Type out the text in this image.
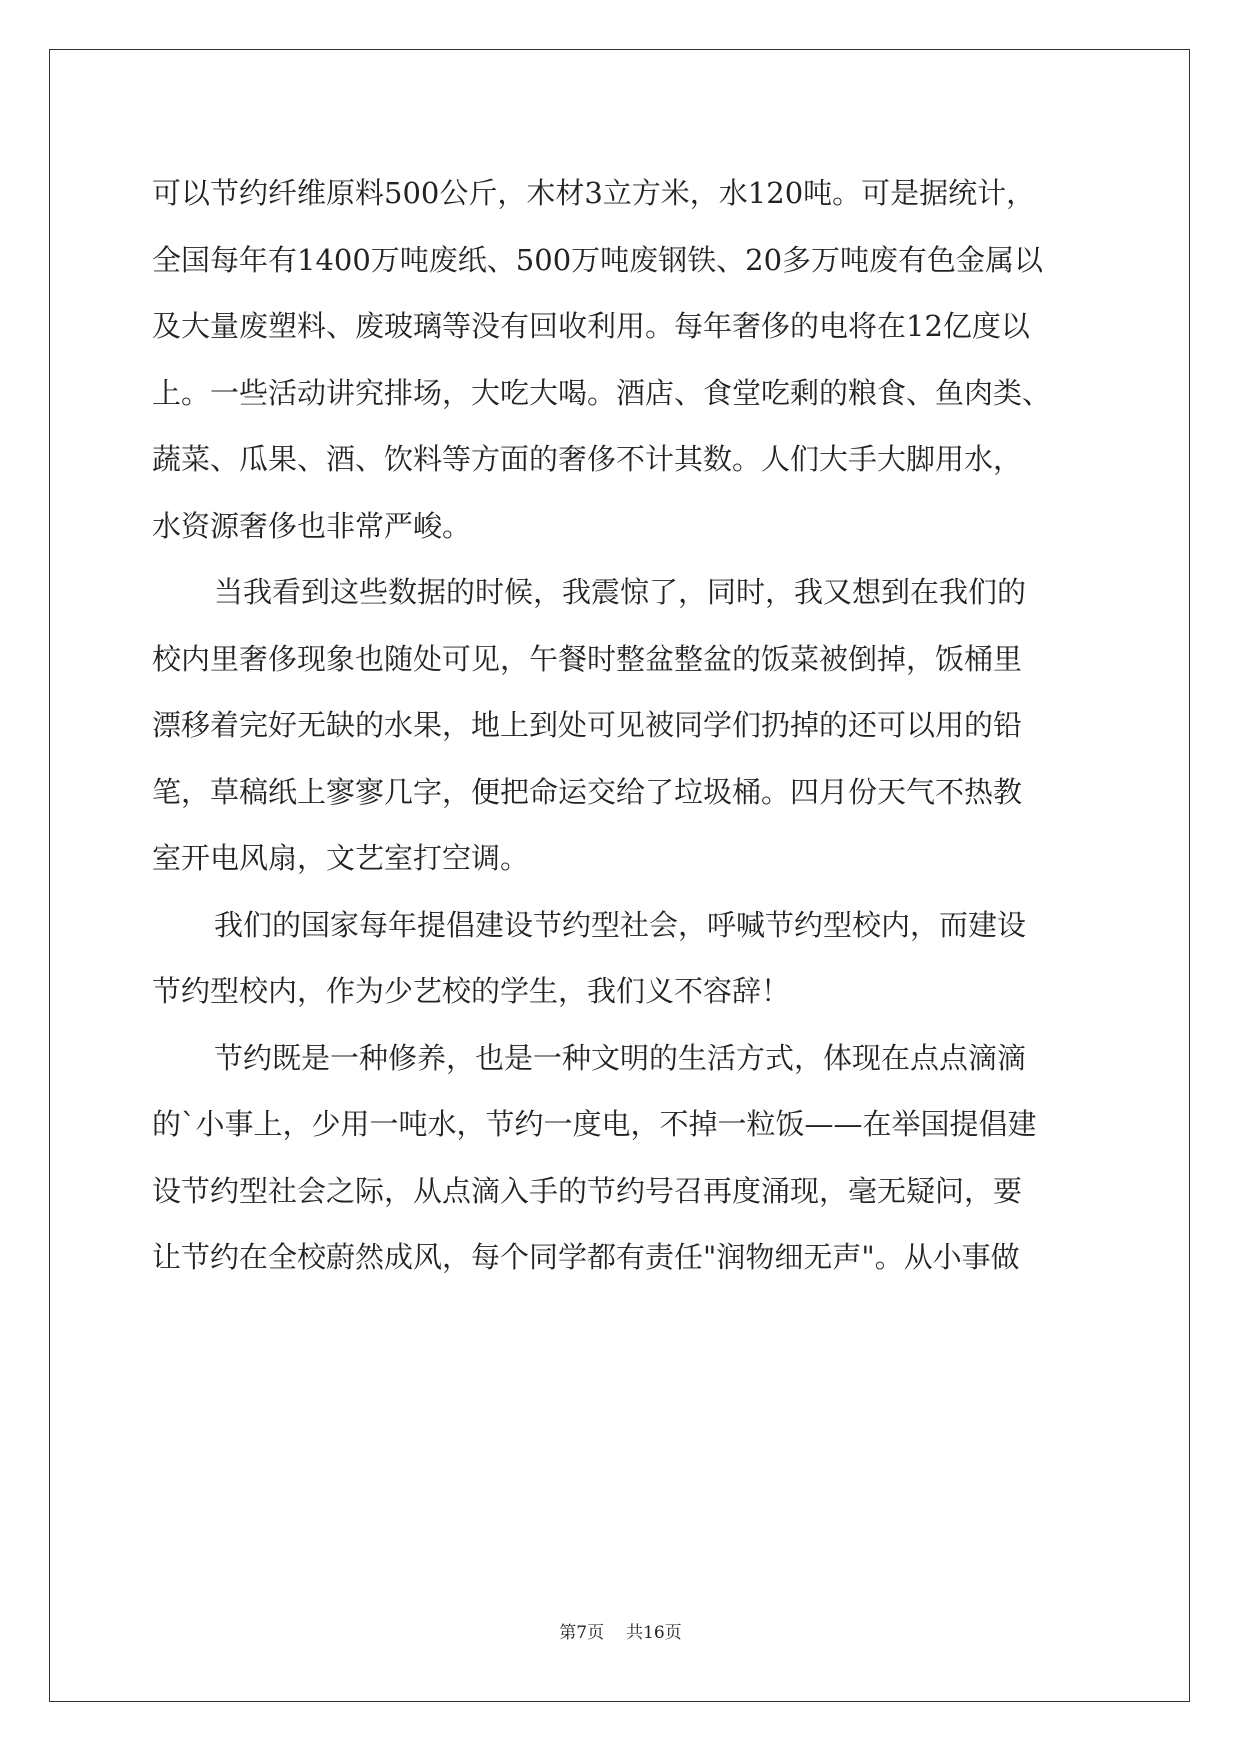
可以节约纤维原料500公斤，木材3立方米，水120吨。可是据统计，
全国每年有1400万吨废纸、500万吨废钢铁、20多万吨废有色金属以
及大量废塑料、废玻璃等没有回收利用。每年奢侈的电将在12亿度以
上。一些活动讲究排场，大吃大喝。酒店、食堂吃剩的粮食、鱼肉类、
蔬菜、瓜果、酒、饮料等方面的奢侈不计其数。人们大手大脚用水，
水资源奢侈也非常严峻。
当我看到这些数据的时候，我震惊了，同时，我又想到在我们的
校内里奢侈现象也随处可见，午餐时整盆整盆的饭菜被倒掉，饭桶里
漂移着完好无缺的水果，地上到处可见被同学们扔掉的还可以用的铅
笔，草稿纸上寥寥几字，便把命运交给了垃圾桶。四月份天气不热教
室开电风扇，文艺室打空调。
我们的国家每年提倡建设节约型社会，呼喊节约型校内，而建设
节约型校内，作为少艺校的学生，我们义不容辞！
节约既是一种修养，也是一种文明的生活方式，体现在点点滴滴
的`小事上，少用一吨水，节约一度电，不掉一粒饭——在举国提倡建
设节约型社会之际，从点滴入手的节约号召再度涌现，毫无疑问，要
让节约在全校蔚然成风，每个同学都有责任"润物细无声"。从小事做
第7页 共16页
